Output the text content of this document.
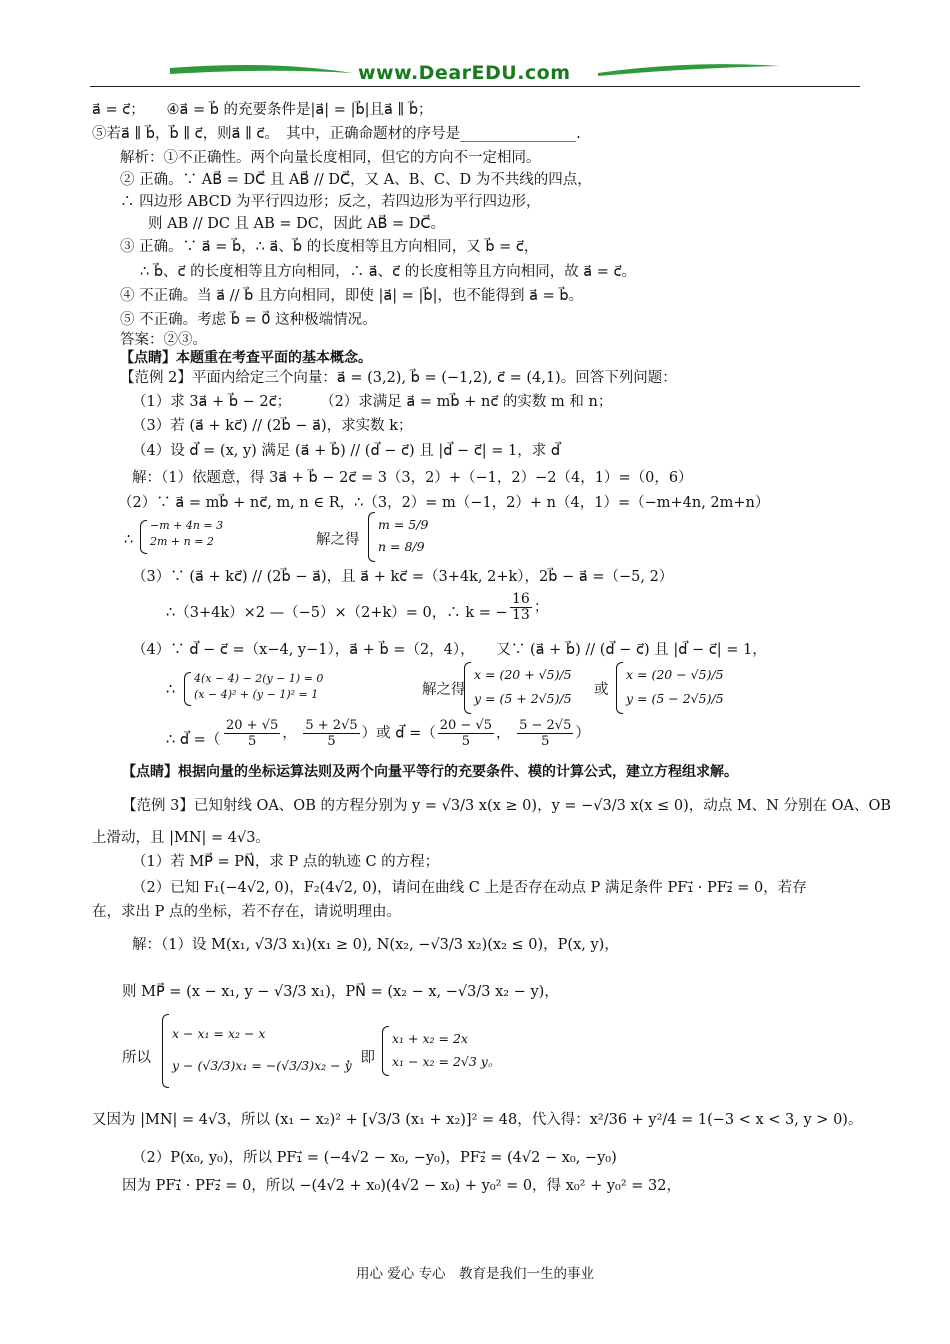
www.DearEDU.com
a⃗ = c⃗；　　④a⃗ = b⃗ 的充要条件是|a⃗| = |b⃗|且a⃗ ∥ b⃗；
⑤若a⃗ ∥ b⃗，b⃗ ∥ c⃗，则a⃗ ∥ c⃗。　其中，正确命题材的序号是________________.
解析：①不正确性。两个向量长度相同，但它的方向不一定相同。
② 正确。∵ AB⃗ = DC⃗ 且 AB⃗ // DC⃗，又 A、B、C、D 为不共线的四点，
∴ 四边形 ABCD 为平行四边形；反之，若四边形为平行四边形，
则 AB // DC 且 AB = DC，因此 AB⃗ = DC⃗。
③ 正确。∵ a⃗ = b⃗，∴ a⃗、b⃗ 的长度相等且方向相同，又 b⃗ = c⃗，
∴ b⃗、c⃗ 的长度相等且方向相同，∴ a⃗、c⃗ 的长度相等且方向相同，故 a⃗ = c⃗。
④ 不正确。当 a⃗ // b⃗ 且方向相同，即使 |a⃗| = |b⃗|，也不能得到 a⃗ = b⃗。
⑤ 不正确。考虑 b⃗ = 0⃗ 这种极端情况。
答案：②③。
【点睛】本题重在考查平面的基本概念。
【范例 2】平面内给定三个向量：a⃗ = (3,2), b⃗ = (−1,2), c⃗ = (4,1)。回答下列问题：
（1）求 3a⃗ + b⃗ − 2c⃗；　　　（2）求满足 a⃗ = mb⃗ + nc⃗ 的实数 m 和 n；
（3）若 (a⃗ + kc⃗) // (2b⃗ − a⃗)，求实数 k；
（4）设 d⃗ = (x, y) 满足 (a⃗ + b⃗) // (d⃗ − c⃗) 且 |d⃗ − c⃗| = 1，求 d⃗
解：（1）依题意，得 3a⃗ + b⃗ − 2c⃗ = 3（3，2）+（−1，2）−2（4，1）=（0，6）
（2）∵ a⃗ = mb⃗ + nc⃗, m, n ∈ R，∴（3，2）= m（−1，2）+ n（4，1）=（−m+4n, 2m+n）
∴	解之得
（3）∵ (a⃗ + kc⃗) // (2b⃗ − a⃗)，且 a⃗ + kc⃗ =（3+4k, 2+k），2b⃗ − a⃗ =（−5, 2）
∴（3+4k）×2 —（−5）×（2+k）= 0，∴ k = −
（4）∵ d⃗ − c⃗ =（x−4, y−1），a⃗ + b⃗ =（2，4），　　又∵ (a⃗ + b⃗) // (d⃗ − c⃗) 且 |d⃗ − c⃗| = 1，
∴	解之得	或
∴ d⃗ =（
【点睛】根据向量的坐标运算法则及两个向量平等行的充要条件、模的计算公式，建立方程组求解。
【范例 3】已知射线 OA、OB 的方程分别为 y = √3/3 x(x ≥ 0)，y = −√3/3 x(x ≤ 0)，动点 M、N 分别在 OA、OB
上滑动，且 |MN| = 4√3。
（1）若 MP⃗ = PN⃗，求 P 点的轨迹 C 的方程；
（2）已知 F₁(−4√2, 0)，F₂(4√2, 0)，请问在曲线 C 上是否存在动点 P 满足条件 PF₁⃗ · PF₂⃗ = 0，若存
在，求出 P 点的坐标，若不存在，请说明理由。
解：（1）设 M(x₁, √3/3 x₁)(x₁ ≥ 0), N(x₂, −√3/3 x₂)(x₂ ≤ 0)，P(x, y)，
则 MP⃗ = (x − x₁, y − √3/3 x₁)，PN⃗ = (x₂ − x, −√3/3 x₂ − y)，
所以	，即
又因为 |MN| = 4√3，所以 (x₁ − x₂)² + [√3/3 (x₁ + x₂)]² = 48，代入得：x²/36 + y²/4 = 1(−3 < x < 3, y > 0)。
（2）P(x₀, y₀)，所以 PF₁⃗ = (−4√2 − x₀, −y₀)，PF₂⃗ = (4√2 − x₀, −y₀)
因为 PF₁⃗ · PF₂⃗ = 0，所以 −(4√2 + x₀)(4√2 − x₀) + y₀² = 0，得 x₀² + y₀² = 32，
−m + 4n = 3
2m + n = 2
m = 5/9
n = 8/9
$\frac{16}{13}$ ；
4(x − 4) − 2(y − 1) = 0
(x − 4)² + (y − 1)² = 1
x = (20 + √5)/5
y = (5 + 2√5)/5
x = (20 − √5)/5
y = (5 − 2√5)/5
$\frac{20 + √5}{5}$ ， $\frac{5 + 2√5}{5}$ ）或 d⃗ =（ $\frac{20 - √5}{5}$ ， $\frac{5 - 2√5}{5}$ ）
x − x₁ = x₂ − x
y − (√3/3)x₁ = −(√3/3)x₂ − y
x₁ + x₂ = 2x
x₁ − x₂ = 2√3 y。
用心 爱心 专心　教育是我们一生的事业
